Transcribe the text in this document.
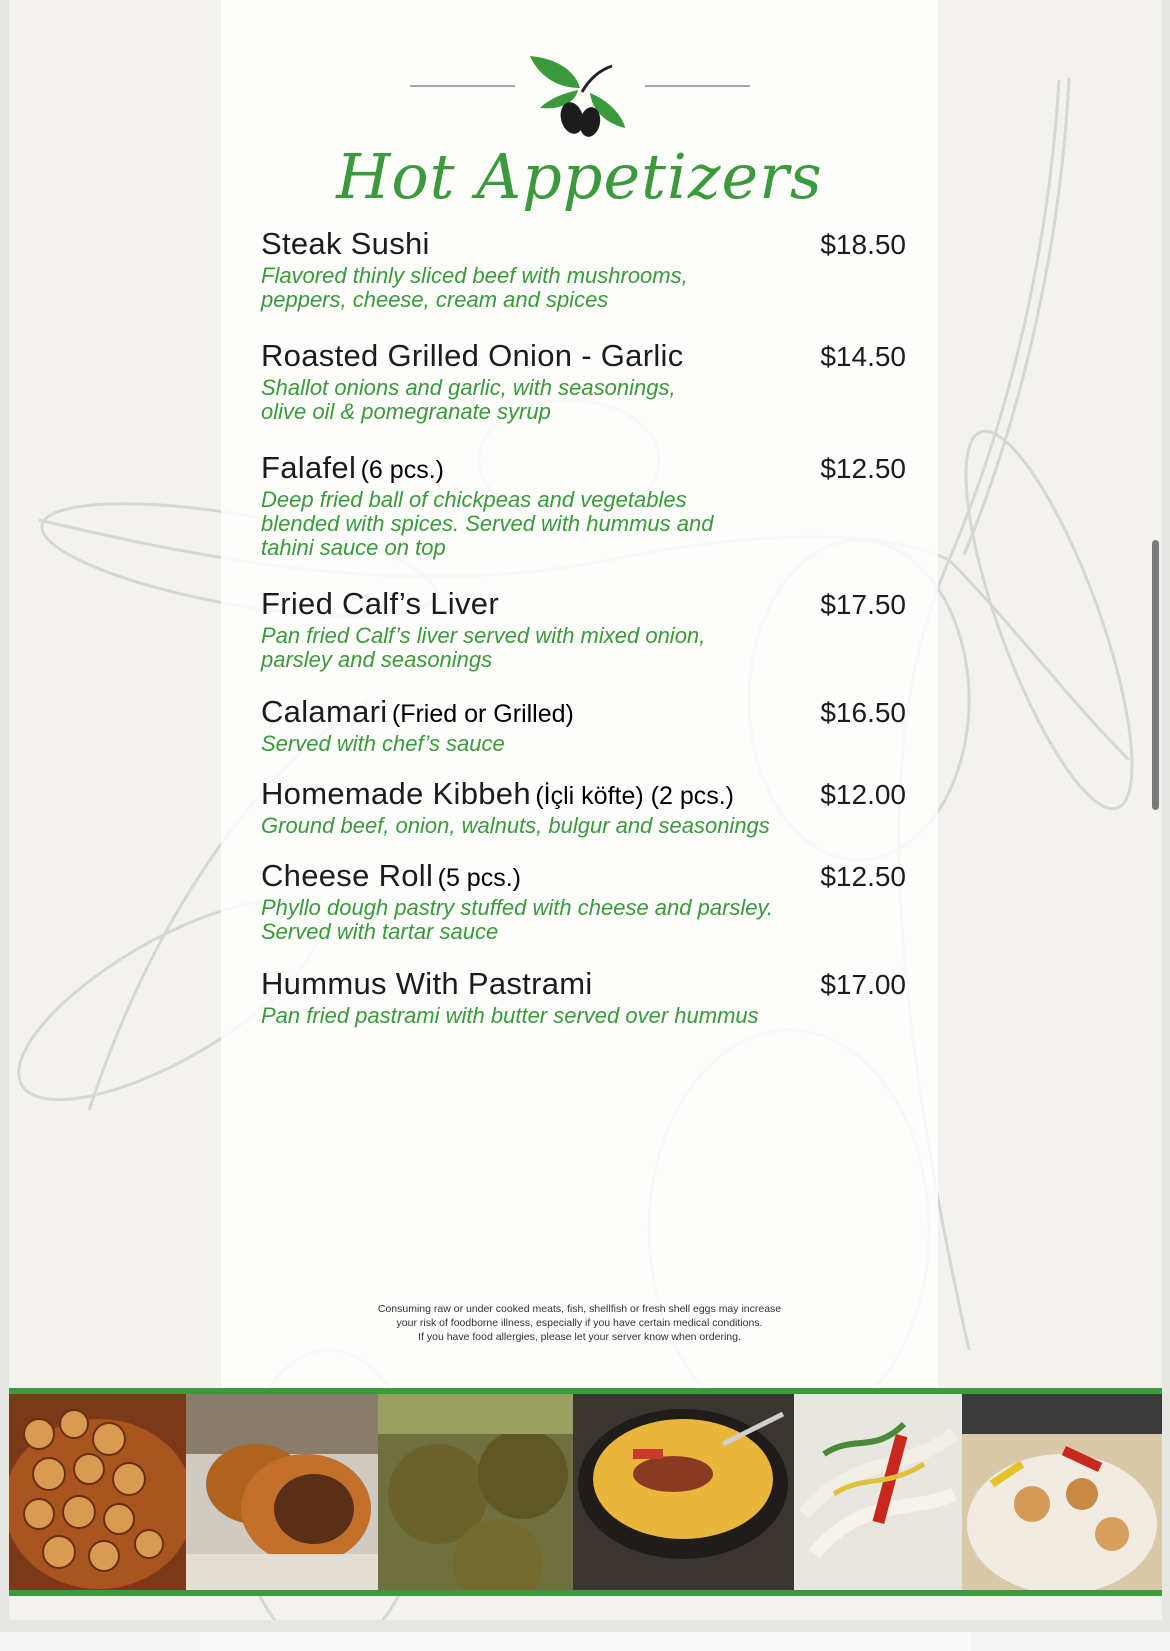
Hot Appetizers
Steak Sushi	$18.50
Flavored thinly sliced beef with mushrooms,
peppers, cheese, cream and spices
Roasted Grilled Onion - Garlic	$14.50
Shallot onions and garlic, with seasonings,
olive oil & pomegranate syrup
Falafel (6 pcs.)	$12.50
Deep fried ball of chickpeas and vegetables
blended with spices. Served with hummus and
tahini sauce on top
Fried Calf’s Liver	$17.50
Pan fried Calf’s liver served with mixed onion,
parsley and seasonings
Calamari (Fried or Grilled)	$16.50
Served with chef’s sauce
Homemade Kibbeh (İçli köfte) (2 pcs.)	$12.00
Ground beef, onion, walnuts, bulgur and seasonings
Cheese Roll (5 pcs.)	$12.50
Phyllo dough pastry stuffed with cheese and parsley.
Served with tartar sauce
Hummus With Pastrami	$17.00
Pan fried pastrami with butter served over hummus
Consuming raw or under cooked meats, fish, shellfish or fresh shell eggs may increase
your risk of foodborne illness, especially if you have certain medical conditions.
If you have food allergies, please let your server know when ordering.
